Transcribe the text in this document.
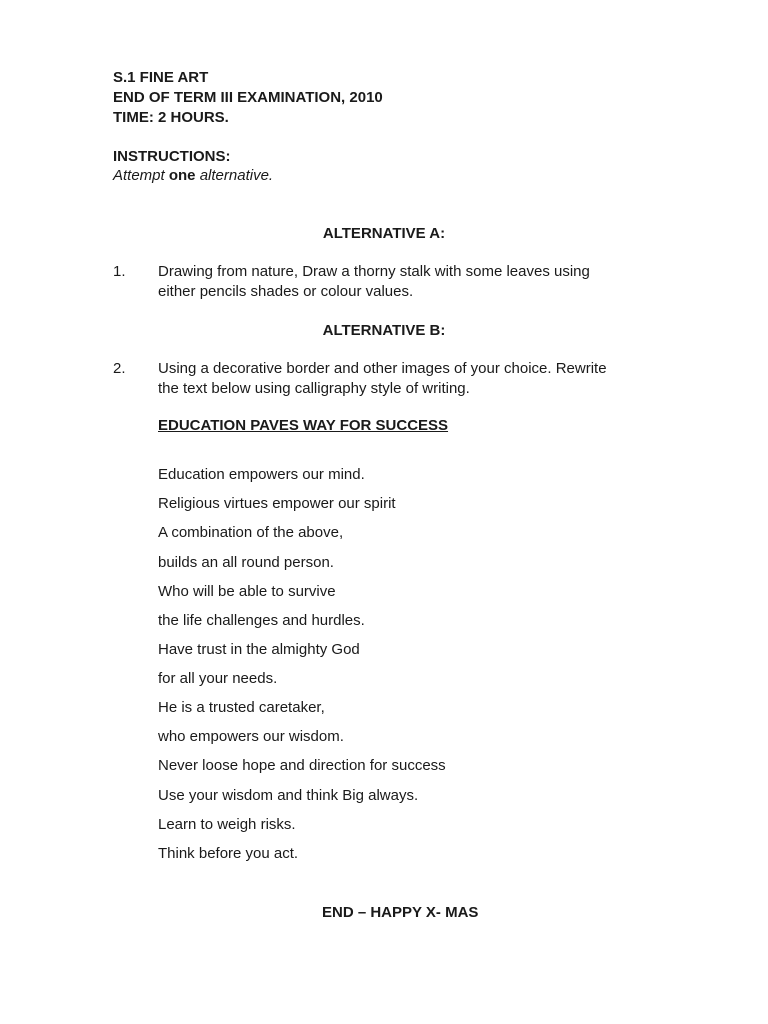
S.1 FINE ART
END OF TERM III EXAMINATION, 2010
TIME: 2 HOURS.
INSTRUCTIONS:
Attempt one alternative.
ALTERNATIVE A:
1. Drawing from nature, Draw a thorny stalk with some leaves using
either pencils shades or colour values.
ALTERNATIVE B:
2. Using a decorative border and other images of your choice. Rewrite
the text below using calligraphy style of writing.
EDUCATION PAVES WAY FOR SUCCESS
Education empowers our mind.
Religious virtues empower our spirit
A combination of the above,
builds an all round person.
Who will be able to survive
the life challenges and hurdles.
Have trust in the almighty God
for all your needs.
He is a trusted caretaker,
who empowers our wisdom.
Never loose hope and direction for success
Use your wisdom and think Big always.
Learn to weigh risks.
Think before you act.
END – HAPPY X- MAS
